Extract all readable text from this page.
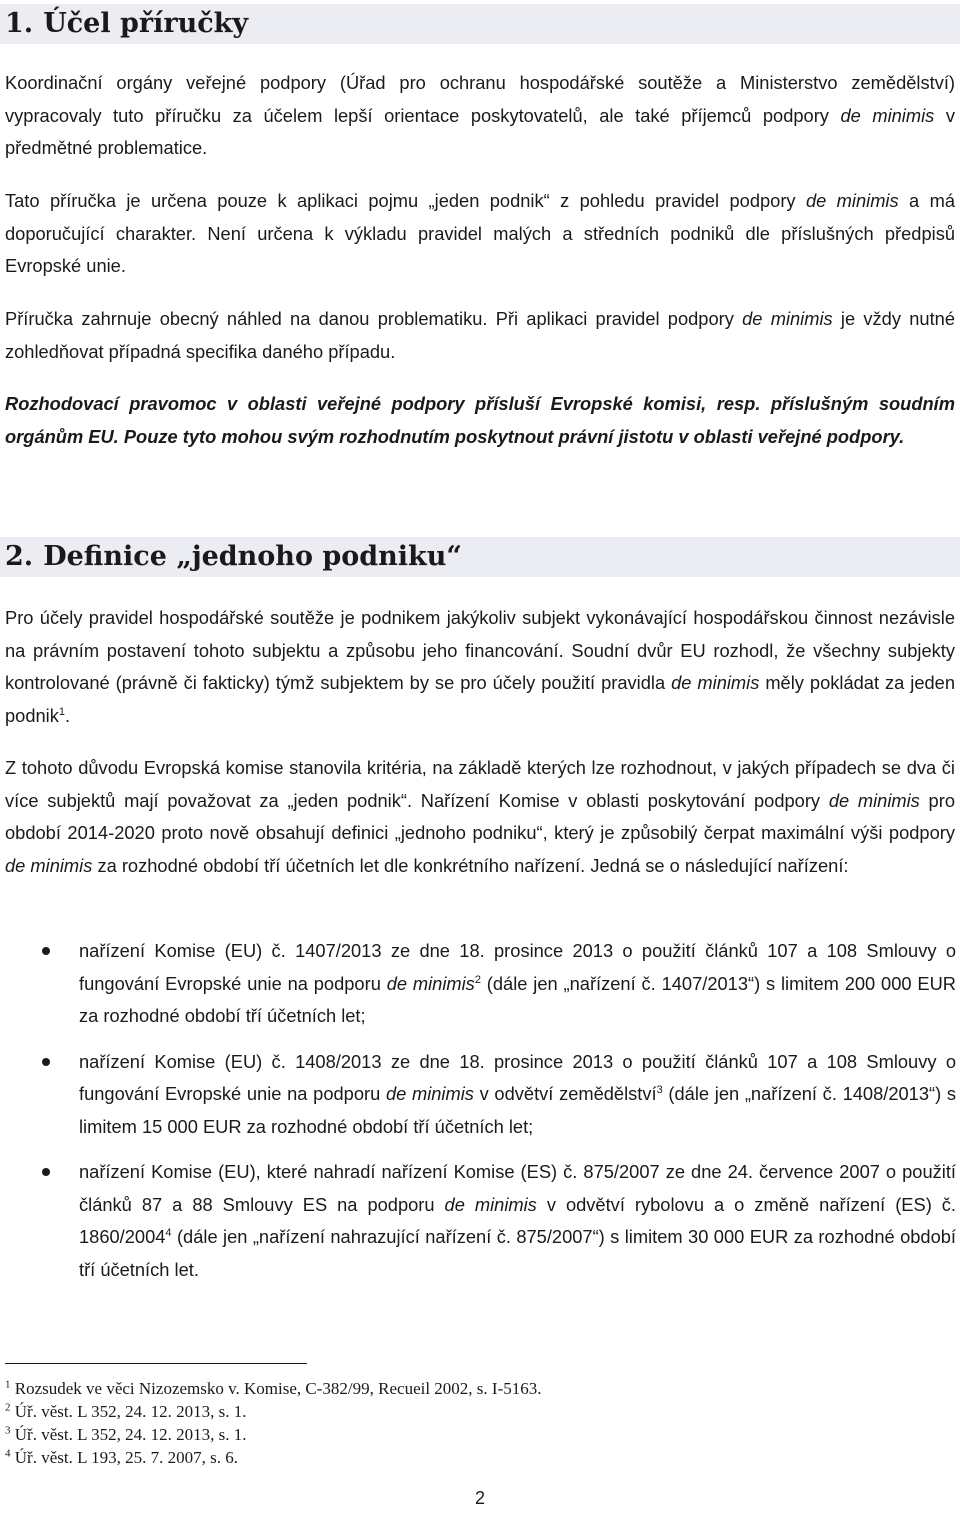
1. Účel příručky

Koordinační orgány veřejné podpory (Úřad pro ochranu hospodářské soutěže a Ministerstvo zemědělství) vypracovaly tuto příručku za účelem lepší orientace poskytovatelů, ale také příjemců podpory de minimis v předmětné problematice.

Tato příručka je určena pouze k aplikaci pojmu „jeden podnik“ z pohledu pravidel podpory de minimis a má doporučující charakter. Není určena k výkladu pravidel malých a středních podniků dle příslušných předpisů Evropské unie.

Příručka zahrnuje obecný náhled na danou problematiku. Při aplikaci pravidel podpory de minimis je vždy nutné zohledňovat případná specifika daného případu.

Rozhodovací pravomoc v oblasti veřejné podpory přísluší Evropské komisi, resp. příslušným soudním orgánům EU. Pouze tyto mohou svým rozhodnutím poskytnout právní jistotu v oblasti veřejné podpory.

2. Definice „jednoho podniku“

Pro účely pravidel hospodářské soutěže je podnikem jakýkoliv subjekt vykonávající hospodářskou činnost nezávisle na právním postavení tohoto subjektu a způsobu jeho financování. Soudní dvůr EU rozhodl, že všechny subjekty kontrolované (právně či fakticky) týmž subjektem by se pro účely použití pravidla de minimis měly pokládat za jeden podnik$^1$.

Z tohoto důvodu Evropská komise stanovila kritéria, na základě kterých lze rozhodnout, v jakých případech se dva či více subjektů mají považovat za „jeden podnik“. Nařízení Komise v oblasti poskytování podpory de minimis pro období 2014-2020 proto nově obsahují definici „jednoho podniku“, který je způsobilý čerpat maximální výši podpory de minimis za rozhodné období tří účetních let dle konkrétního nařízení. Jedná se o následující nařízení:

nařízení Komise (EU) č. 1407/2013 ze dne 18. prosince 2013 o použití článků 107 a 108 Smlouvy o fungování Evropské unie na podporu de minimis$^2$ (dále jen „nařízení č. 1407/2013“) s limitem 200 000 EUR za rozhodné období tří účetních let;
nařízení Komise (EU) č. 1408/2013 ze dne 18. prosince 2013 o použití článků 107 a 108 Smlouvy o fungování Evropské unie na podporu de minimis v odvětví zemědělství$^3$ (dále jen „nařízení č. 1408/2013“) s limitem 15 000 EUR za rozhodné období tří účetních let;
nařízení Komise (EU), které nahradí nařízení Komise (ES) č. 875/2007 ze dne 24. července 2007 o použití článků 87 a 88 Smlouvy ES na podporu de minimis v odvětví rybolovu a o změně nařízení (ES) č. 1860/2004$^4$ (dále jen „nařízení nahrazující nařízení č. 875/2007“) s limitem 30 000 EUR za rozhodné období tří účetních let.
$^1$ Rozsudek ve věci Nizozemsko v. Komise, C-382/99, Recueil 2002, s. I-5163.
$^2$ Úř. věst. L 352, 24. 12. 2013, s. 1.
$^3$ Úř. věst. L 352, 24. 12. 2013, s. 1.
$^4$ Úř. věst. L 193, 25. 7. 2007, s. 6.
2
